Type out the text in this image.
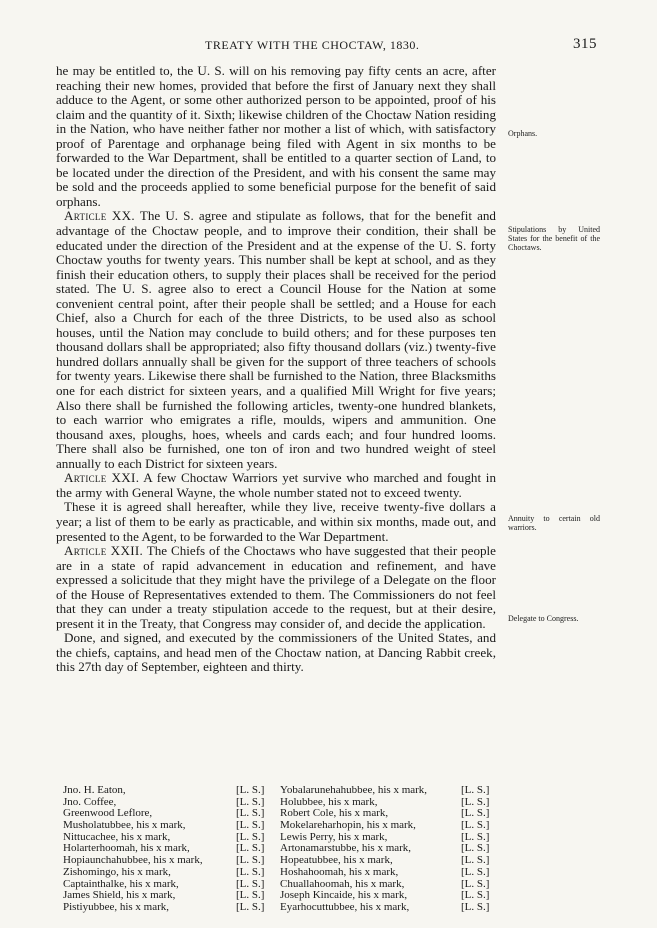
TREATY WITH THE CHOCTAW, 1830.	315

he may be entitled to, the U. S. will on his removing pay fifty cents an acre, after reaching their new homes, provided that before the first of January next they shall adduce to the Agent, or some other authorized person to be appointed, proof of his claim and the quantity of it. Sixth; likewise children of the Choctaw Nation residing in the Nation, who have neither father nor mother a list of which, with satisfactory proof of Parentage and orphanage being filed with Agent in six months to be forwarded to the War Department, shall be entitled to a quarter section of Land, to be located under the direction of the President, and with his consent the same may be sold and the proceeds applied to some beneficial purpose for the benefit of said orphans.

Article XX. The U. S. agree and stipulate as follows, that for the benefit and advantage of the Choctaw people, and to improve their condition, their shall be educated under the direction of the President and at the expense of the U. S. forty Choctaw youths for twenty years. This number shall be kept at school, and as they finish their education others, to supply their places shall be received for the period stated. The U. S. agree also to erect a Council House for the Nation at some convenient central point, after their people shall be settled; and a House for each Chief, also a Church for each of the three Districts, to be used also as school houses, until the Nation may conclude to build others; and for these purposes ten thousand dollars shall be appropriated; also fifty thousand dollars (viz.) twenty-five hundred dollars annually shall be given for the support of three teachers of schools for twenty years. Likewise there shall be furnished to the Nation, three Blacksmiths one for each district for sixteen years, and a qualified Mill Wright for five years; Also there shall be furnished the following articles, twenty-one hundred blankets, to each warrior who emigrates a rifle, moulds, wipers and ammunition. One thousand axes, ploughs, hoes, wheels and cards each; and four hundred looms. There shall also be furnished, one ton of iron and two hundred weight of steel annually to each District for sixteen years.

Article XXI. A few Choctaw Warriors yet survive who marched and fought in the army with General Wayne, the whole number stated not to exceed twenty.

These it is agreed shall hereafter, while they live, receive twenty-five dollars a year; a list of them to be early as practicable, and within six months, made out, and presented to the Agent, to be forwarded to the War Department.

Article XXII. The Chiefs of the Choctaws who have suggested that their people are in a state of rapid advancement in education and refinement, and have expressed a solicitude that they might have the privilege of a Delegate on the floor of the House of Representatives extended to them. The Commissioners do not feel that they can under a treaty stipulation accede to the request, but at their desire, present it in the Treaty, that Congress may consider of, and decide the application.

Done, and signed, and executed by the commissioners of the United States, and the chiefs, captains, and head men of the Choctaw nation, at Dancing Rabbit creek, this 27th day of September, eighteen and thirty.

Orphans.
Stipulations by United States for the benefit of the Choctaws.
Annuity to certain old warriors.
Delegate to Congress.
Jno. H. Eaton,	[L. S.] Yobalarunehahubbee, his x mark,	[L. S.]
Jno. Coffee,	[L. S.] Holubbee, his x mark,	[L. S.]
Greenwood Leflore,	[L. S.] Robert Cole, his x mark,	[L. S.]
Musholatubbee, his x mark,	[L. S.] Mokelareharhopin, his x mark,	[L. S.]
Nittucachee, his x mark,	[L. S.] Lewis Perry, his x mark,	[L. S.]
Holarterhoomah, his x mark,	[L. S.] Artonamarstubbe, his x mark,	[L. S.]
Hopiaunchahubbee, his x mark,	[L. S.] Hopeatubbee, his x mark,	[L. S.]
Zishomingo, his x mark,	[L. S.] Hoshahoomah, his x mark,	[L. S.]
Captainthalke, his x mark,	[L. S.] Chuallahoomah, his x mark,	[L. S.]
James Shield, his x mark,	[L. S.] Joseph Kincaide, his x mark,	[L. S.]
Pistiyubbee, his x mark,	[L. S.] Eyarhocuttubbee, his x mark,	[L. S.]
